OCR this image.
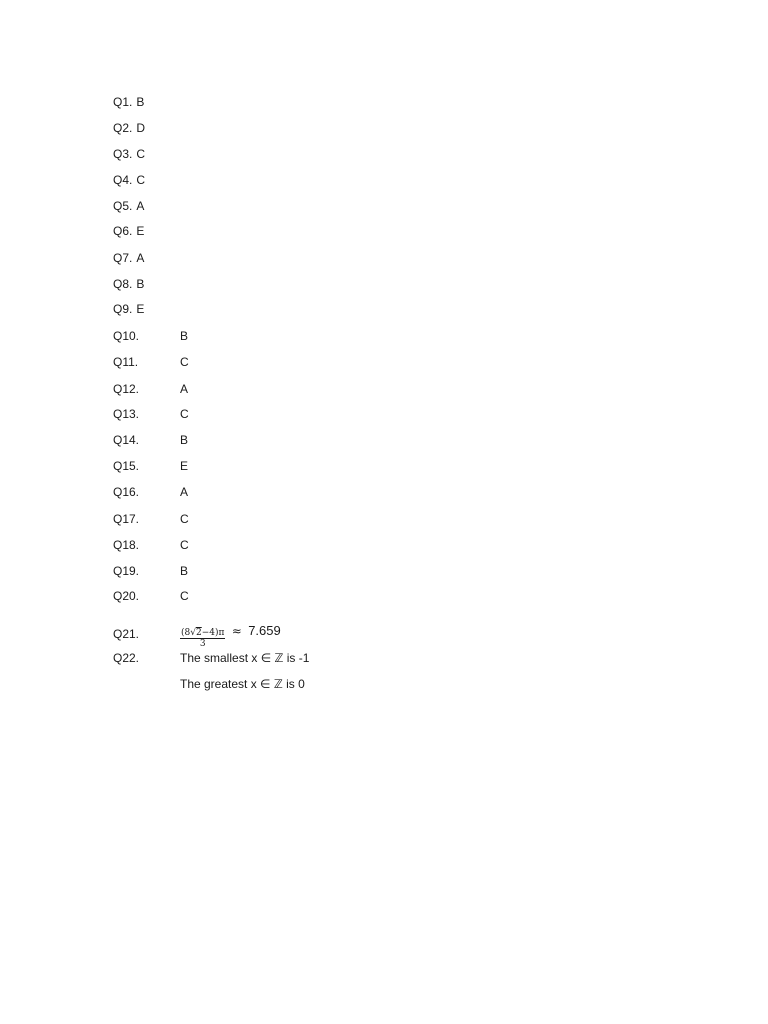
Q1. B
Q2. D
Q3. C
Q4. C
Q5. A
Q6. E
Q7. A
Q8. B
Q9. E
Q10.	B
Q11.	C
Q12.	A
Q13.	C
Q14.	B
Q15.	E
Q16.	A
Q17.	C
Q18.	C
Q19.	B
Q20.	C
Q21.	$\frac{(8√2-4)\pi}{3} \approx 7.659$
Q22.	The smallest x ∈ ℤ is -1
The greatest x ∈ ℤ is 0
